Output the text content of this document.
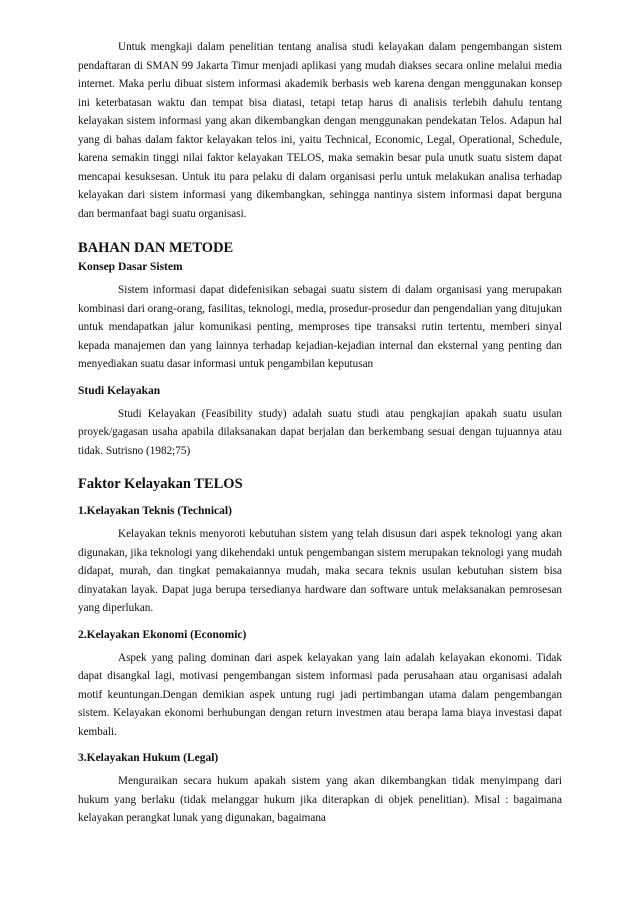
Untuk mengkaji dalam penelitian tentang analisa studi kelayakan dalam pengembangan sistem pendaftaran di SMAN 99 Jakarta Timur menjadi aplikasi yang mudah diakses secara online melalui media internet. Maka perlu dibuat sistem informasi akademik berbasis web karena dengan menggunakan konsep ini keterbatasan waktu dan tempat bisa diatasi, tetapi tetap harus di analisis terlebih dahulu tentang kelayakan sistem informasi yang akan dikembangkan dengan menggunakan pendekatan Telos. Adapun hal yang di bahas dalam faktor kelayakan telos ini, yaitu Technical, Economic, Legal, Operational, Schedule, karena semakin tinggi nilai faktor kelayakan TELOS, maka semakin besar pula unutk suatu sistem dapat mencapai kesuksesan. Untuk itu para pelaku di dalam organisasi perlu untuk melakukan analisa terhadap kelayakan dari sistem informasi yang dikembangkan, sehingga nantinya sistem informasi dapat berguna dan bermanfaat bagi suatu organisasi.

BAHAN DAN METODE
Konsep Dasar Sistem

Sistem informasi dapat didefenisikan sebagai suatu sistem di dalam organisasi yang merupakan kombinasi dari orang-orang, fasilitas, teknologi, media, prosedur-prosedur dan pengendalian yang ditujukan untuk mendapatkan jalur komunikasi penting, memproses tipe transaksi rutin tertentu, memberi sinyal kepada manajemen dan yang lainnya terhadap kejadian-kejadian internal dan eksternal yang penting dan menyediakan suatu dasar informasi untuk pengambilan keputusan

Studi Kelayakan

Studi Kelayakan (Feasibility study) adalah suatu studi atau pengkajian apakah suatu usulan proyek/gagasan usaha apabila dilaksanakan dapat berjalan dan berkembang sesuai dengan tujuannya atau tidak. Sutrisno (1982;75)

Faktor Kelayakan TELOS
1.Kelayakan Teknis (Technical)

Kelayakan teknis menyoroti kebutuhan sistem yang telah disusun dari aspek teknologi yang akan digunakan, jika teknologi yang dikehendaki untuk pengembangan sistem merupakan teknologi yang mudah didapat, murah, dan tingkat pemakaiannya mudah, maka secara teknis usulan kebutuhan sistem bisa dinyatakan layak. Dapat juga berupa tersedianya hardware dan software untuk melaksanakan pemrosesan yang diperlukan.

2.Kelayakan Ekonomi (Economic)

Aspek yang paling dominan dari aspek kelayakan yang lain adalah kelayakan ekonomi. Tidak dapat disangkal lagi, motivasi pengembangan sistem informasi pada perusahaan atau organisasi adalah motif keuntungan.Dengan demikian aspek untung rugi jadi pertimbangan utama dalam pengembangan sistem. Kelayakan ekonomi berhubungan dengan return investmen atau berapa lama biaya investasi dapat kembali.

3.Kelayakan Hukum (Legal)

Menguraikan secara hukum apakah sistem yang akan dikembangkan tidak menyimpang dari hukum yang berlaku (tidak melanggar hukum jika diterapkan di objek penelitian). Misal : bagaimana kelayakan perangkat lunak yang digunakan, bagaimana
